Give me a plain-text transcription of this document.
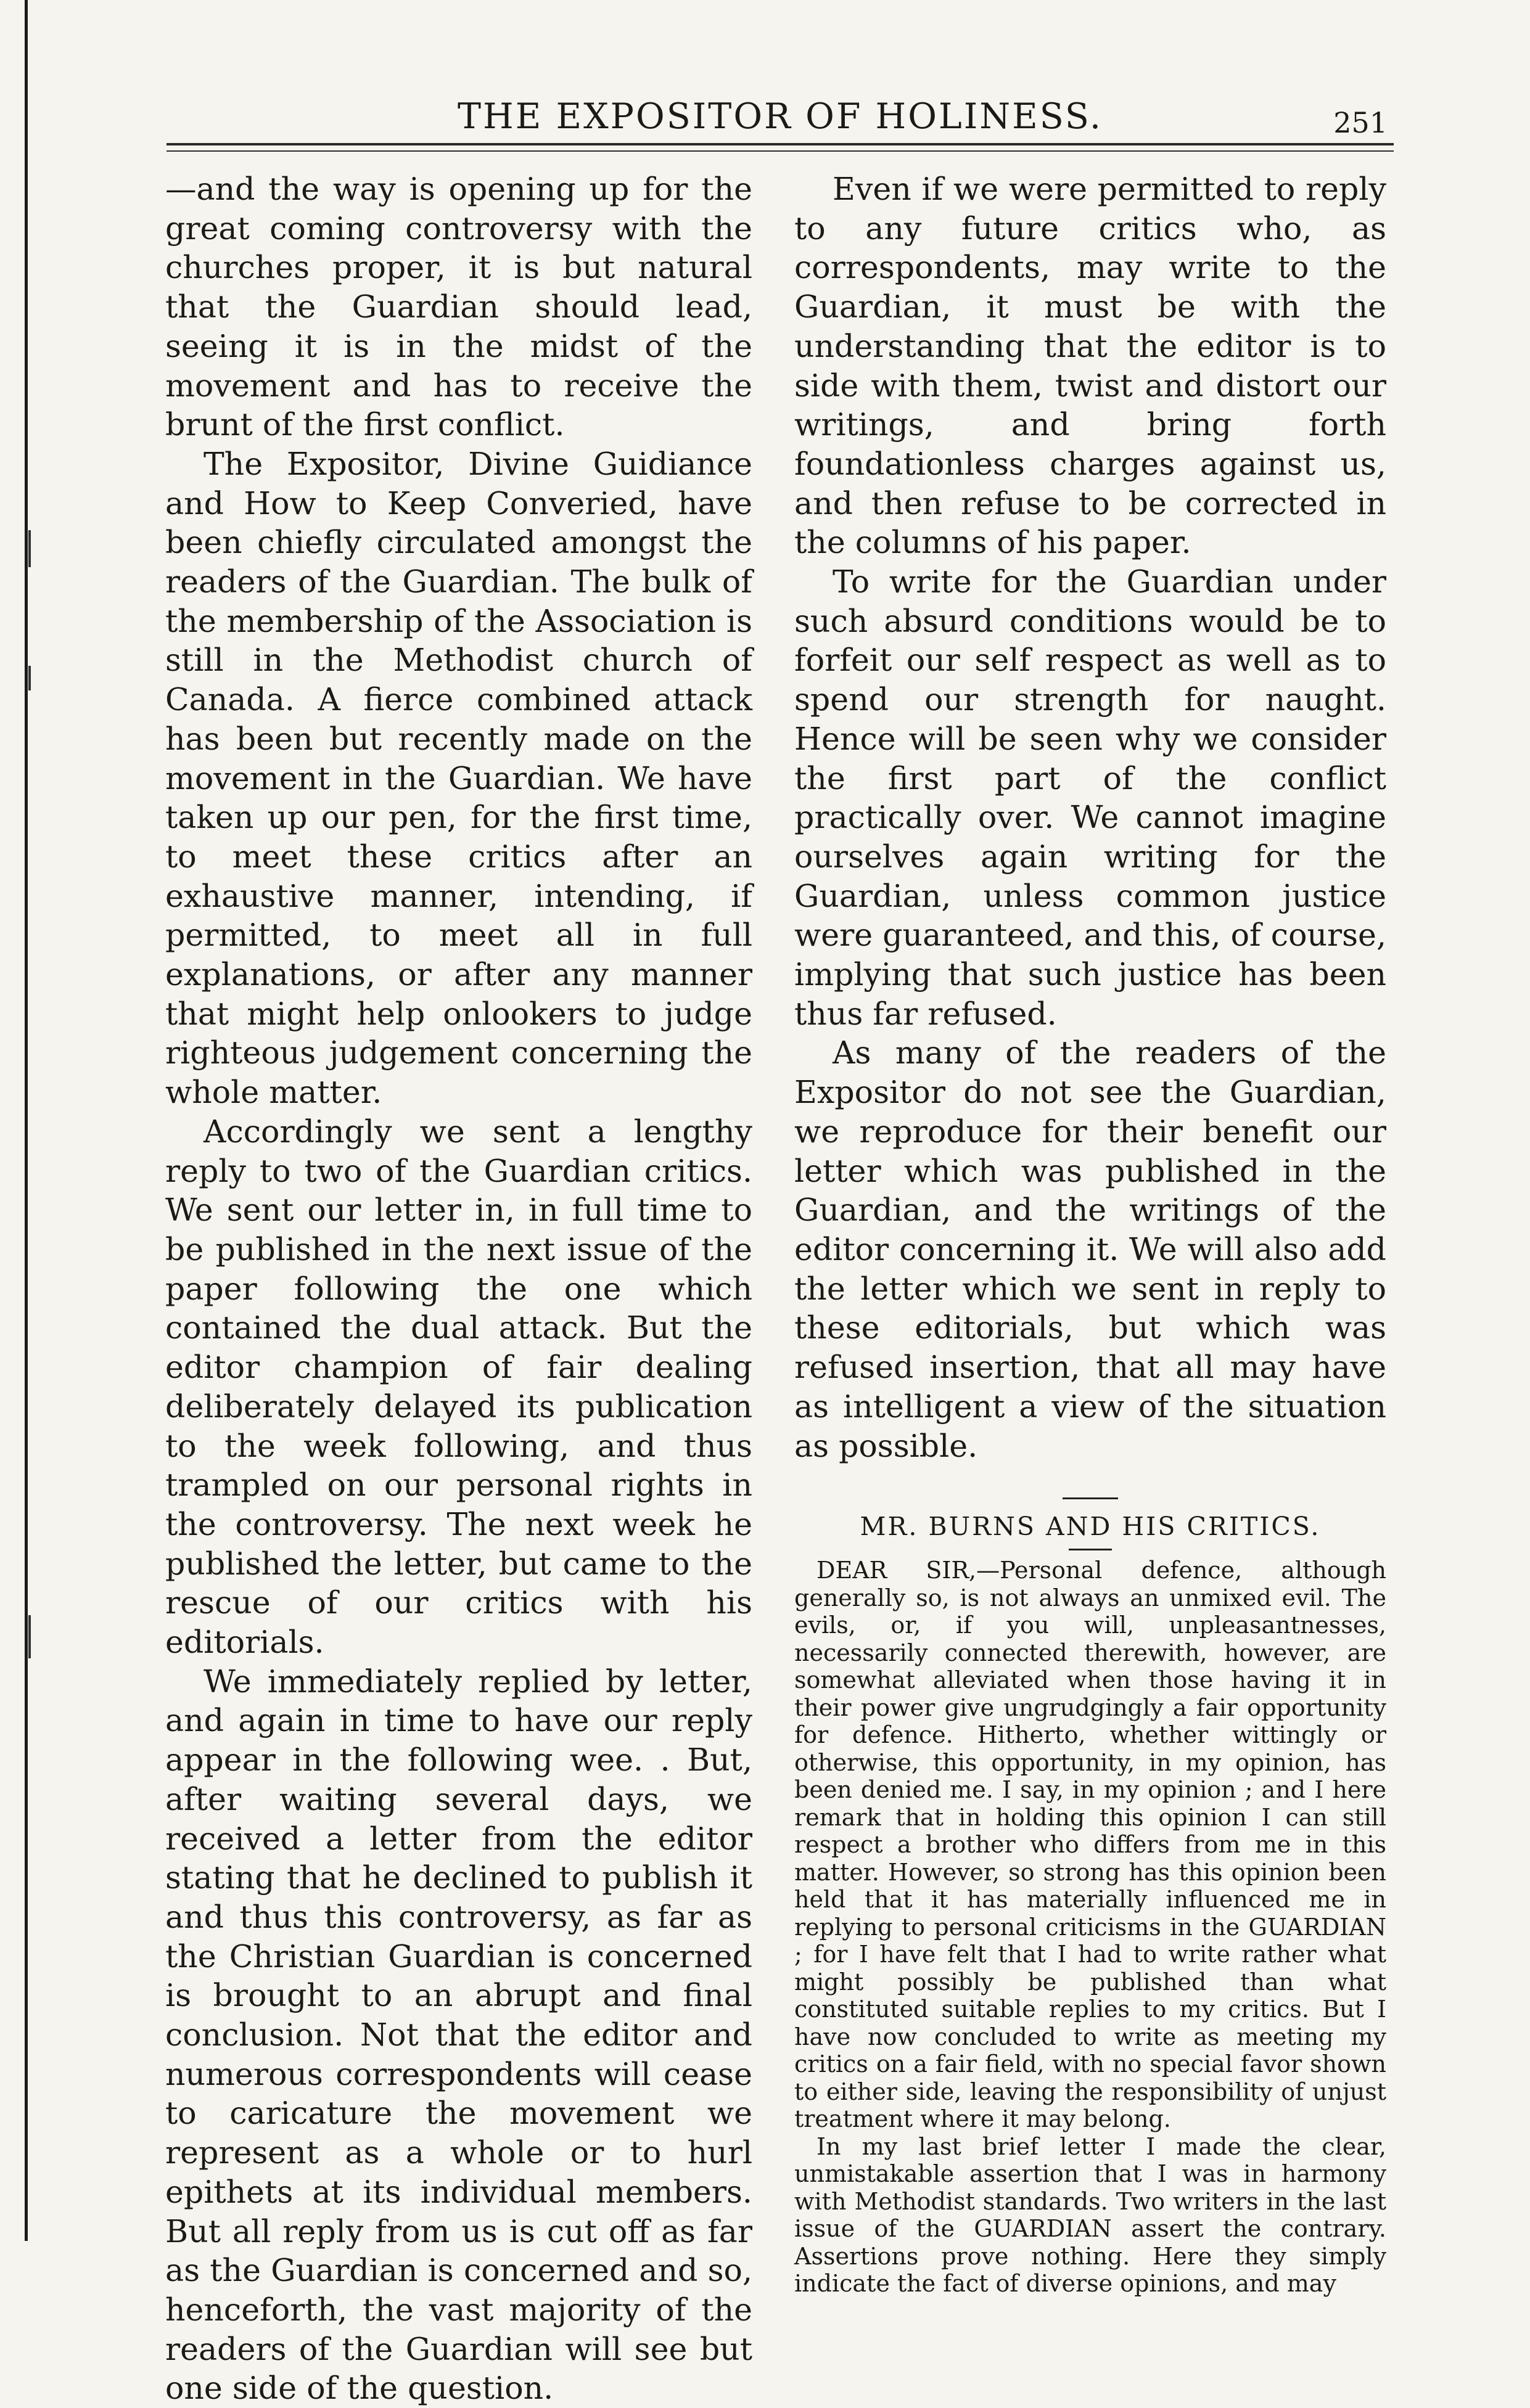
THE EXPOSITOR OF HOLINESS.	251

—and the way is opening up for the great coming controversy with the churches proper, it is but natural that the Guardian should lead, seeing it is in the midst of the movement and has to receive the brunt of the first conflict.

The Expositor, Divine Guidiance and How to Keep Converied, have been chiefly circulated amongst the readers of the Guardian. The bulk of the membership of the Association is still in the Methodist church of Canada. A fierce combined attack has been but recently made on the movement in the Guardian. We have taken up our pen, for the first time, to meet these critics after an exhaustive manner, intending, if permitted, to meet all in full explanations, or after any manner that might help onlookers to judge righteous judgement concerning the whole matter.

Accordingly we sent a lengthy reply to two of the Guardian critics. We sent our letter in, in full time to be published in the next issue of the paper following the one which contained the dual attack. But the editor champion of fair dealing deliberately delayed its publication to the week following, and thus trampled on our personal rights in the controversy. The next week he published the letter, but came to the rescue of our critics with his editorials.

We immediately replied by letter, and again in time to have our reply appear in the following wee. . But, after waiting several days, we received a letter from the editor stating that he declined to publish it and thus this controversy, as far as the Christian Guardian is concerned is brought to an abrupt and final conclusion. Not that the editor and numerous correspondents will cease to caricature the movement we represent as a whole or to hurl epithets at its individual members. But all reply from us is cut off as far as the Guardian is concerned and so, henceforth, the vast majority of the readers of the Guardian will see but one side of the question.

Even if we were permitted to reply to any future critics who, as correspondents, may write to the Guardian, it must be with the understanding that the editor is to side with them, twist and distort our writings, and bring forth foundationless charges against us, and then refuse to be corrected in the columns of his paper.

To write for the Guardian under such absurd conditions would be to forfeit our self respect as well as to spend our strength for naught. Hence will be seen why we consider the first part of the conflict practically over. We cannot imagine ourselves again writing for the Guardian, unless common justice were guaranteed, and this, of course, implying that such justice has been thus far refused.

As many of the readers of the Expositor do not see the Guardian, we reproduce for their benefit our letter which was published in the Guardian, and the writings of the editor concerning it. We will also add the letter which we sent in reply to these editorials, but which was refused insertion, that all may have as intelligent a view of the situation as possible.

MR. BURNS AND HIS CRITICS.

DEAR SIR,—Personal defence, although generally so, is not always an unmixed evil. The evils, or, if you will, unpleasantnesses, necessarily connected therewith, however, are somewhat alleviated when those having it in their power give ungrudgingly a fair opportunity for defence. Hitherto, whether wittingly or otherwise, this opportunity, in my opinion, has been denied me. I say, in my opinion ; and I here remark that in holding this opinion I can still respect a brother who differs from me in this matter. However, so strong has this opinion been held that it has materially influenced me in replying to personal criticisms in the GUARDIAN ; for I have felt that I had to write rather what might possibly be published than what constituted suitable replies to my critics. But I have now concluded to write as meeting my critics on a fair field, with no special favor shown to either side, leaving the responsibility of unjust treatment where it may belong.

In my last brief letter I made the clear, unmistakable assertion that I was in harmony with Methodist standards. Two writers in the last issue of the GUARDIAN assert the contrary. Assertions prove nothing. Here they simply indicate the fact of diverse opinions, and may
